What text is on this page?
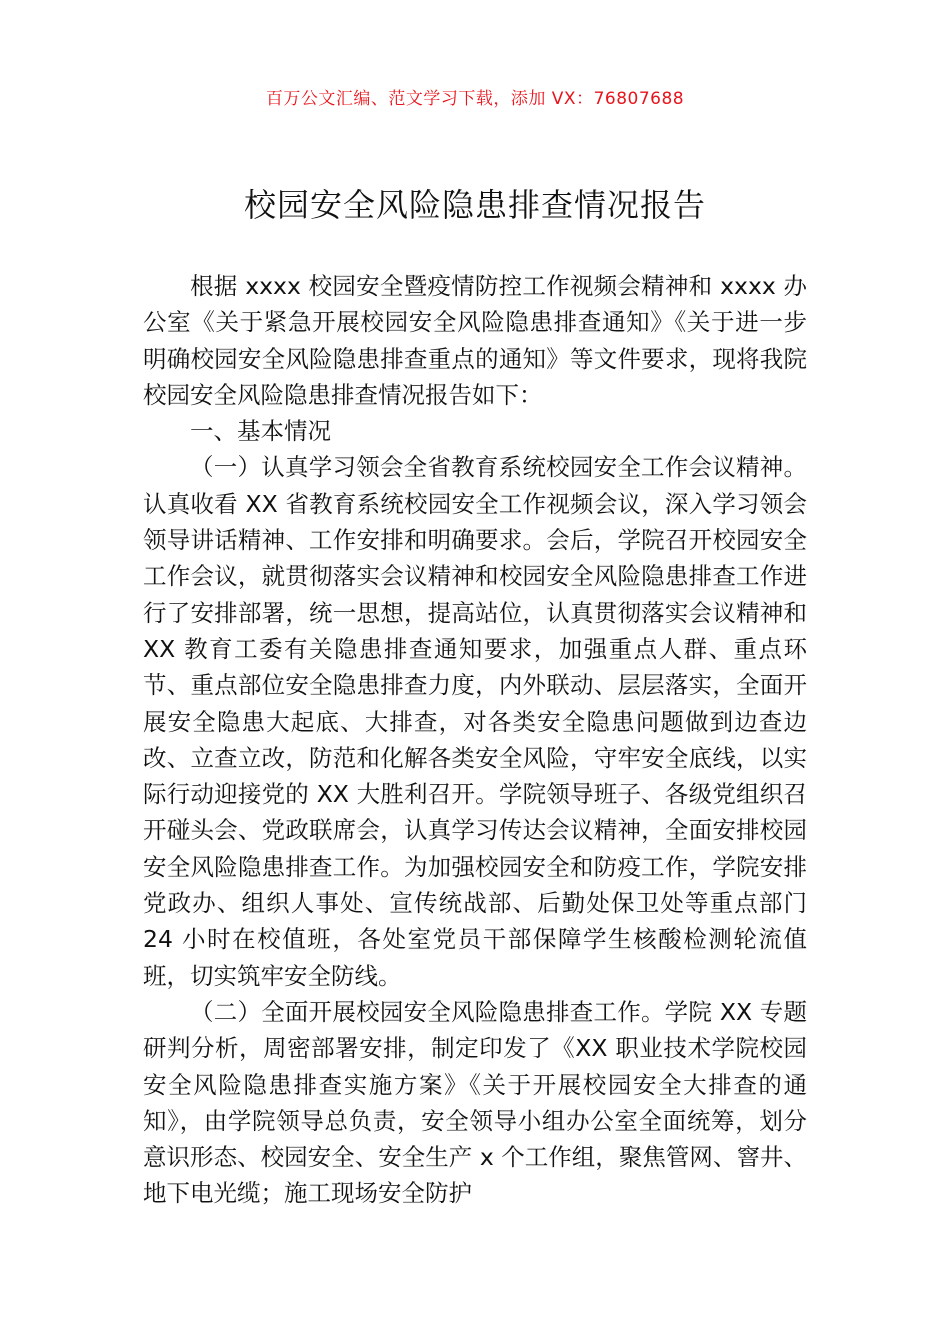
百万公文汇编、范文学习下载，添加 VX：76807688
校园安全风险隐患排查情况报告

根据 xxxx 校园安全暨疫情防控工作视频会精神和 xxxx 办公室《关于紧急开展校园安全风险隐患排查通知》《关于进一步明确校园安全风险隐患排查重点的通知》等文件要求，现将我院校园安全风险隐患排查情况报告如下：

一、基本情况

（一）认真学习领会全省教育系统校园安全工作会议精神。认真收看 XX 省教育系统校园安全工作视频会议，深入学习领会领导讲话精神、工作安排和明确要求。会后，学院召开校园安全工作会议，就贯彻落实会议精神和校园安全风险隐患排查工作进行了安排部署，统一思想，提高站位，认真贯彻落实会议精神和 XX 教育工委有关隐患排查通知要求，加强重点人群、重点环节、重点部位安全隐患排查力度，内外联动、层层落实，全面开展安全隐患大起底、大排查，对各类安全隐患问题做到边查边改、立查立改，防范和化解各类安全风险，守牢安全底线，以实际行动迎接党的 XX 大胜利召开。学院领导班子、各级党组织召开碰头会、党政联席会，认真学习传达会议精神，全面安排校园安全风险隐患排查工作。为加强校园安全和防疫工作，学院安排党政办、组织人事处、宣传统战部、后勤处保卫处等重点部门 24 小时在校值班，各处室党员干部保障学生核酸检测轮流值班，切实筑牢安全防线。

（二）全面开展校园安全风险隐患排查工作。学院 XX 专题研判分析，周密部署安排，制定印发了《XX 职业技术学院校园安全风险隐患排查实施方案》《关于开展校园安全大排查的通知》，由学院领导总负责，安全领导小组办公室全面统筹，划分意识形态、校园安全、安全生产 x 个工作组，聚焦管网、窨井、地下电光缆；施工现场安全防护
